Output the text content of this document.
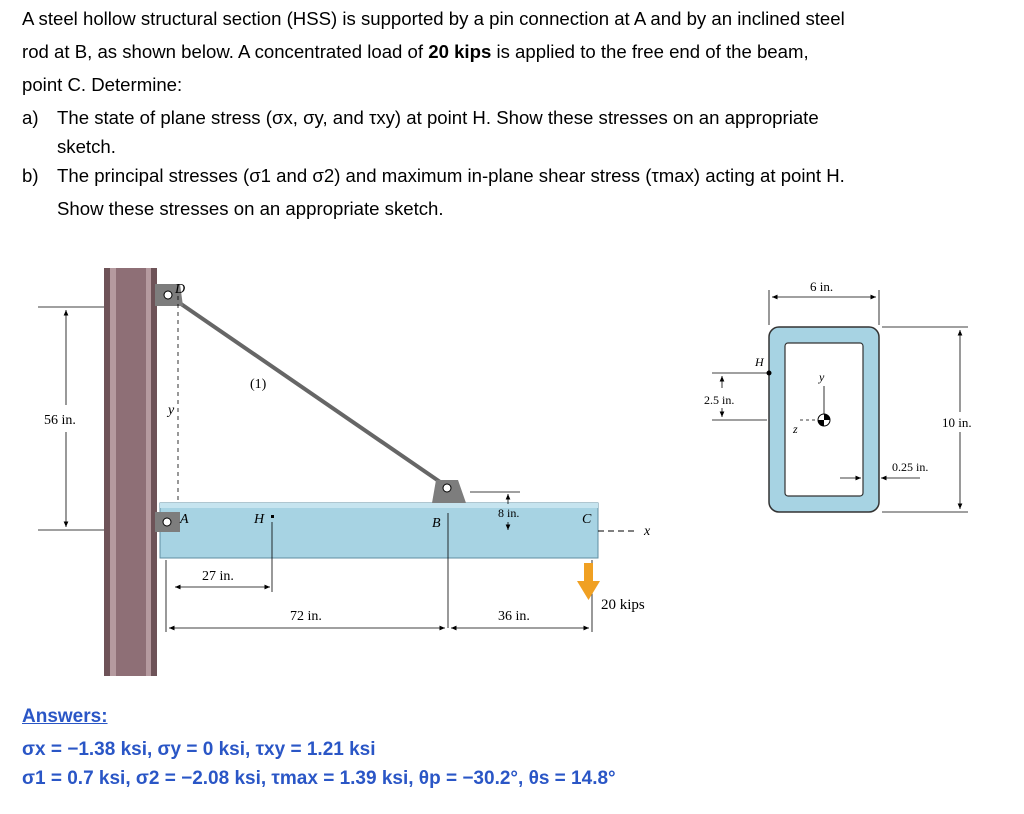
A steel hollow structural section (HSS) is supported by a pin connection at A and by an inclined steel
rod at B, as shown below. A concentrated load of 20 kips is applied to the free end of the beam,
point C. Determine:
a) The state of plane stress (σx, σy, and τxy) at point H. Show these stresses on an appropriate
sketch.
b) The principal stresses (σ1 and σ2) and maximum in-plane shear stress (τmax) acting at point H.
Show these stresses on an appropriate sketch.
x
y
D
A	H	B	C
(1)
56 in.
27 in.
72 in.	36 in.
8 in.
20 kips
6 in.
10 in.
2.5 in.
H
y
z
0.25 in.
Answers:
σx = −1.38 ksi, σy = 0 ksi, τxy = 1.21 ksi
σ1 = 0.7 ksi, σ2 = −2.08 ksi, τmax = 1.39 ksi, θp = −30.2°, θs = 14.8°
